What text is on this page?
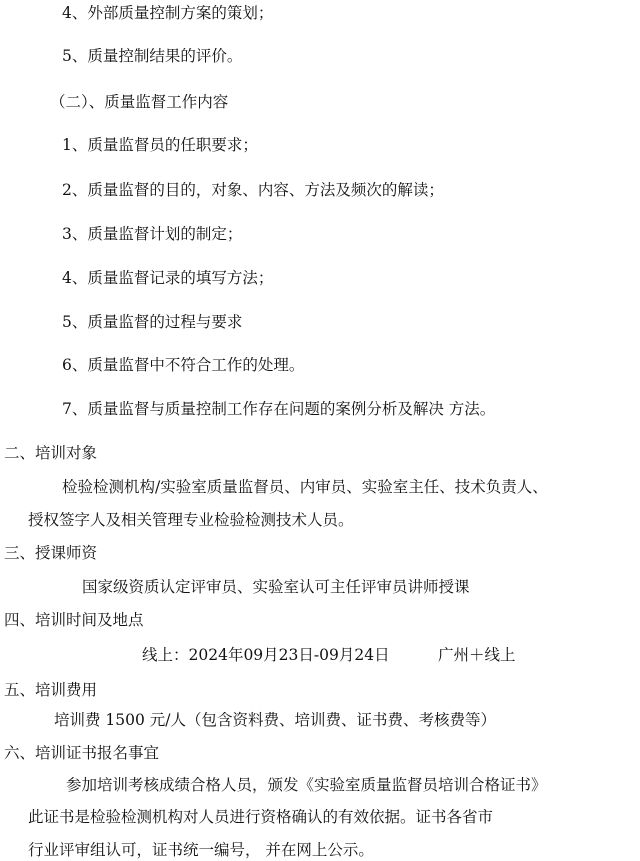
4、外部质量控制方案的策划；
5、质量控制结果的评价。
（二）、质量监督工作内容
1、质量监督员的任职要求；
2、质量监督的目的，对象、内容、方法及频次的解读；
3、质量监督计划的制定；
4、质量监督记录的填写方法；
5、质量监督的过程与要求
6、质量监督中不符合工作的处理。
7、质量监督与质量控制工作存在问题的案例分析及解决 方法。
二、培训对象
检验检测机构/实验室质量监督员、内审员、实验室主任、技术负责人、
授权签字人及相关管理专业检验检测技术人员。
三、授课师资
国家级资质认定评审员、实验室认可主任评审员讲师授课
四、培训时间及地点
线上：2024年09月23日-09月24日	广州＋线上
五、培训费用
培训费 1500 元/人（包含资料费、培训费、证书费、考核费等）
六、培训证书报名事宜
参加培训考核成绩合格人员，颁发《实验室质量监督员培训合格证书》
此证书是检验检测机构对人员进行资格确认的有效依据。证书各省市
行业评审组认可，证书统一编号， 并在网上公示。
